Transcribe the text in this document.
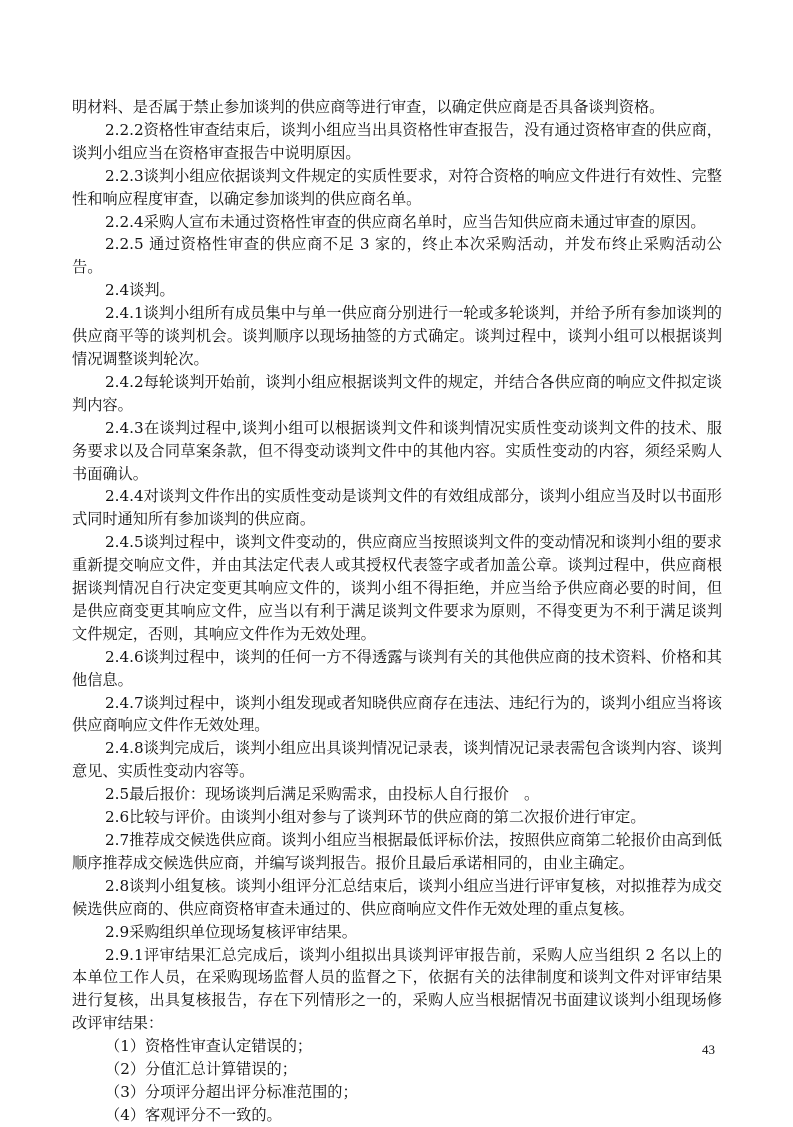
明材料、是否属于禁止参加谈判的供应商等进行审查，以确定供应商是否具备谈判资格。

2.2.2资格性审查结束后，谈判小组应当出具资格性审查报告，没有通过资格审查的供应商，谈判小组应当在资格审查报告中说明原因。

2.2.3谈判小组应依据谈判文件规定的实质性要求，对符合资格的响应文件进行有效性、完整性和响应程度审查，以确定参加谈判的供应商名单。

2.2.4采购人宣布未通过资格性审查的供应商名单时，应当告知供应商未通过审查的原因。

2.2.5 通过资格性审查的供应商不足 3 家的，终止本次采购活动，并发布终止采购活动公告。

2.4谈判。

2.4.1谈判小组所有成员集中与单一供应商分别进行一轮或多轮谈判，并给予所有参加谈判的供应商平等的谈判机会。谈判顺序以现场抽签的方式确定。谈判过程中，谈判小组可以根据谈判情况调整谈判轮次。

2.4.2每轮谈判开始前，谈判小组应根据谈判文件的规定，并结合各供应商的响应文件拟定谈判内容。

2.4.3在谈判过程中,谈判小组可以根据谈判文件和谈判情况实质性变动谈判文件的技术、服务要求以及合同草案条款，但不得变动谈判文件中的其他内容。实质性变动的内容，须经采购人书面确认。

2.4.4对谈判文件作出的实质性变动是谈判文件的有效组成部分，谈判小组应当及时以书面形式同时通知所有参加谈判的供应商。

2.4.5谈判过程中，谈判文件变动的，供应商应当按照谈判文件的变动情况和谈判小组的要求重新提交响应文件，并由其法定代表人或其授权代表签字或者加盖公章。谈判过程中，供应商根据谈判情况自行决定变更其响应文件的，谈判小组不得拒绝，并应当给予供应商必要的时间，但是供应商变更其响应文件，应当以有利于满足谈判文件要求为原则，不得变更为不利于满足谈判文件规定，否则，其响应文件作为无效处理。

2.4.6谈判过程中，谈判的任何一方不得透露与谈判有关的其他供应商的技术资料、价格和其他信息。

2.4.7谈判过程中，谈判小组发现或者知晓供应商存在违法、违纪行为的，谈判小组应当将该供应商响应文件作无效处理。

2.4.8谈判完成后，谈判小组应出具谈判情况记录表，谈判情况记录表需包含谈判内容、谈判意见、实质性变动内容等。

2.5最后报价：现场谈判后满足采购需求，由投标人自行报价　。

2.6比较与评价。由谈判小组对参与了谈判环节的供应商的第二次报价进行审定。

2.7推荐成交候选供应商。谈判小组应当根据最低评标价法，按照供应商第二轮报价由高到低顺序推荐成交候选供应商，并编写谈判报告。报价且最后承诺相同的，由业主确定。

2.8谈判小组复核。谈判小组评分汇总结束后，谈判小组应当进行评审复核，对拟推荐为成交候选供应商的、供应商资格审查未通过的、供应商响应文件作无效处理的重点复核。

2.9采购组织单位现场复核评审结果。

2.9.1评审结果汇总完成后，谈判小组拟出具谈判评审报告前，采购人应当组织 2 名以上的本单位工作人员，在采购现场监督人员的监督之下，依据有关的法律制度和谈判文件对评审结果进行复核，出具复核报告，存在下列情形之一的，采购人应当根据情况书面建议谈判小组现场修改评审结果：

（1）资格性审查认定错误的；

（2）分值汇总计算错误的；

（3）分项评分超出评分标准范围的；

（4）客观评分不一致的。

43
